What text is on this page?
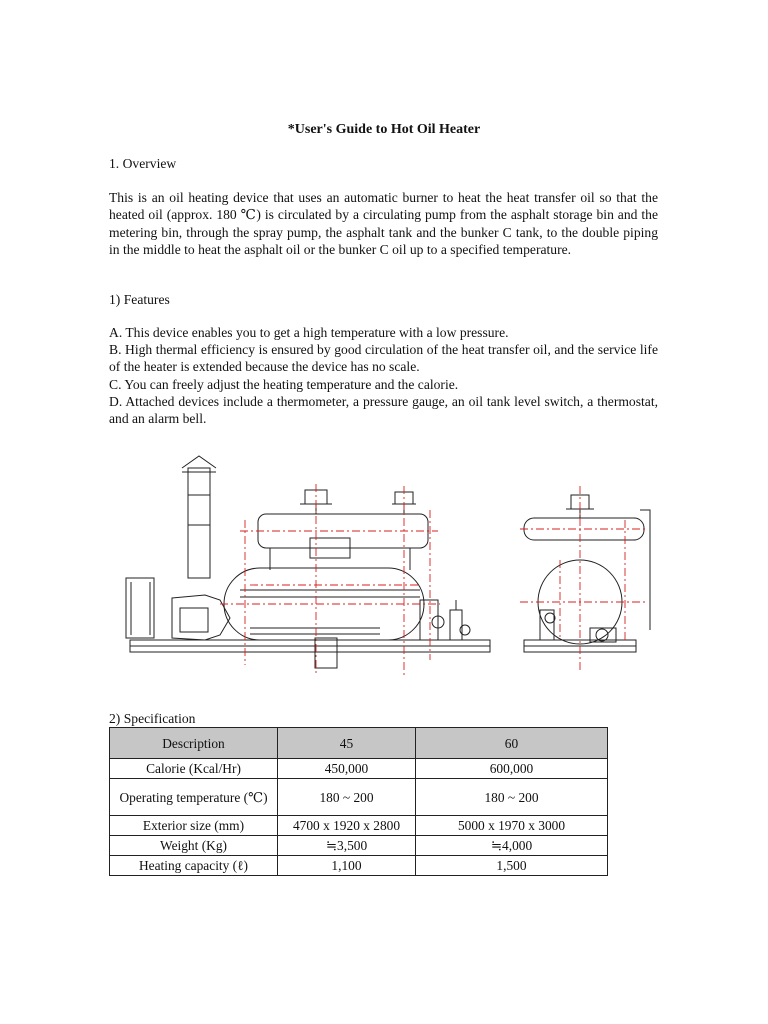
*User's Guide to Hot Oil Heater
1. Overview
This is an oil heating device that uses an automatic burner to heat the heat transfer oil so that the heated oil (approx. 180 ℃) is circulated by a circulating pump from the asphalt storage bin and the metering bin, through the spray pump, the asphalt tank and the bunker C tank, to the double piping in the middle to heat the asphalt oil or the bunker C oil up to a specified temperature.
1) Features
A. This device enables you to get a high temperature with a low pressure.
B. High thermal efficiency is ensured by good circulation of the heat transfer oil, and the service life of the heater is extended because the device has no scale.
C. You can freely adjust the heating temperature and the calorie.
D. Attached devices include a thermometer, a pressure gauge, an oil tank level switch, a thermostat, and an alarm bell.
2) Specification
Description	45	60
Calorie (Kcal/Hr)	450,000	600,000
Operating temperature (℃)	180 ~ 200	180 ~ 200
Exterior size (mm)	4700 x 1920 x 2800	5000 x 1970 x 3000
Weight (Kg)	≒3,500	≒4,000
Heating capacity (ℓ)	1,100	1,500
